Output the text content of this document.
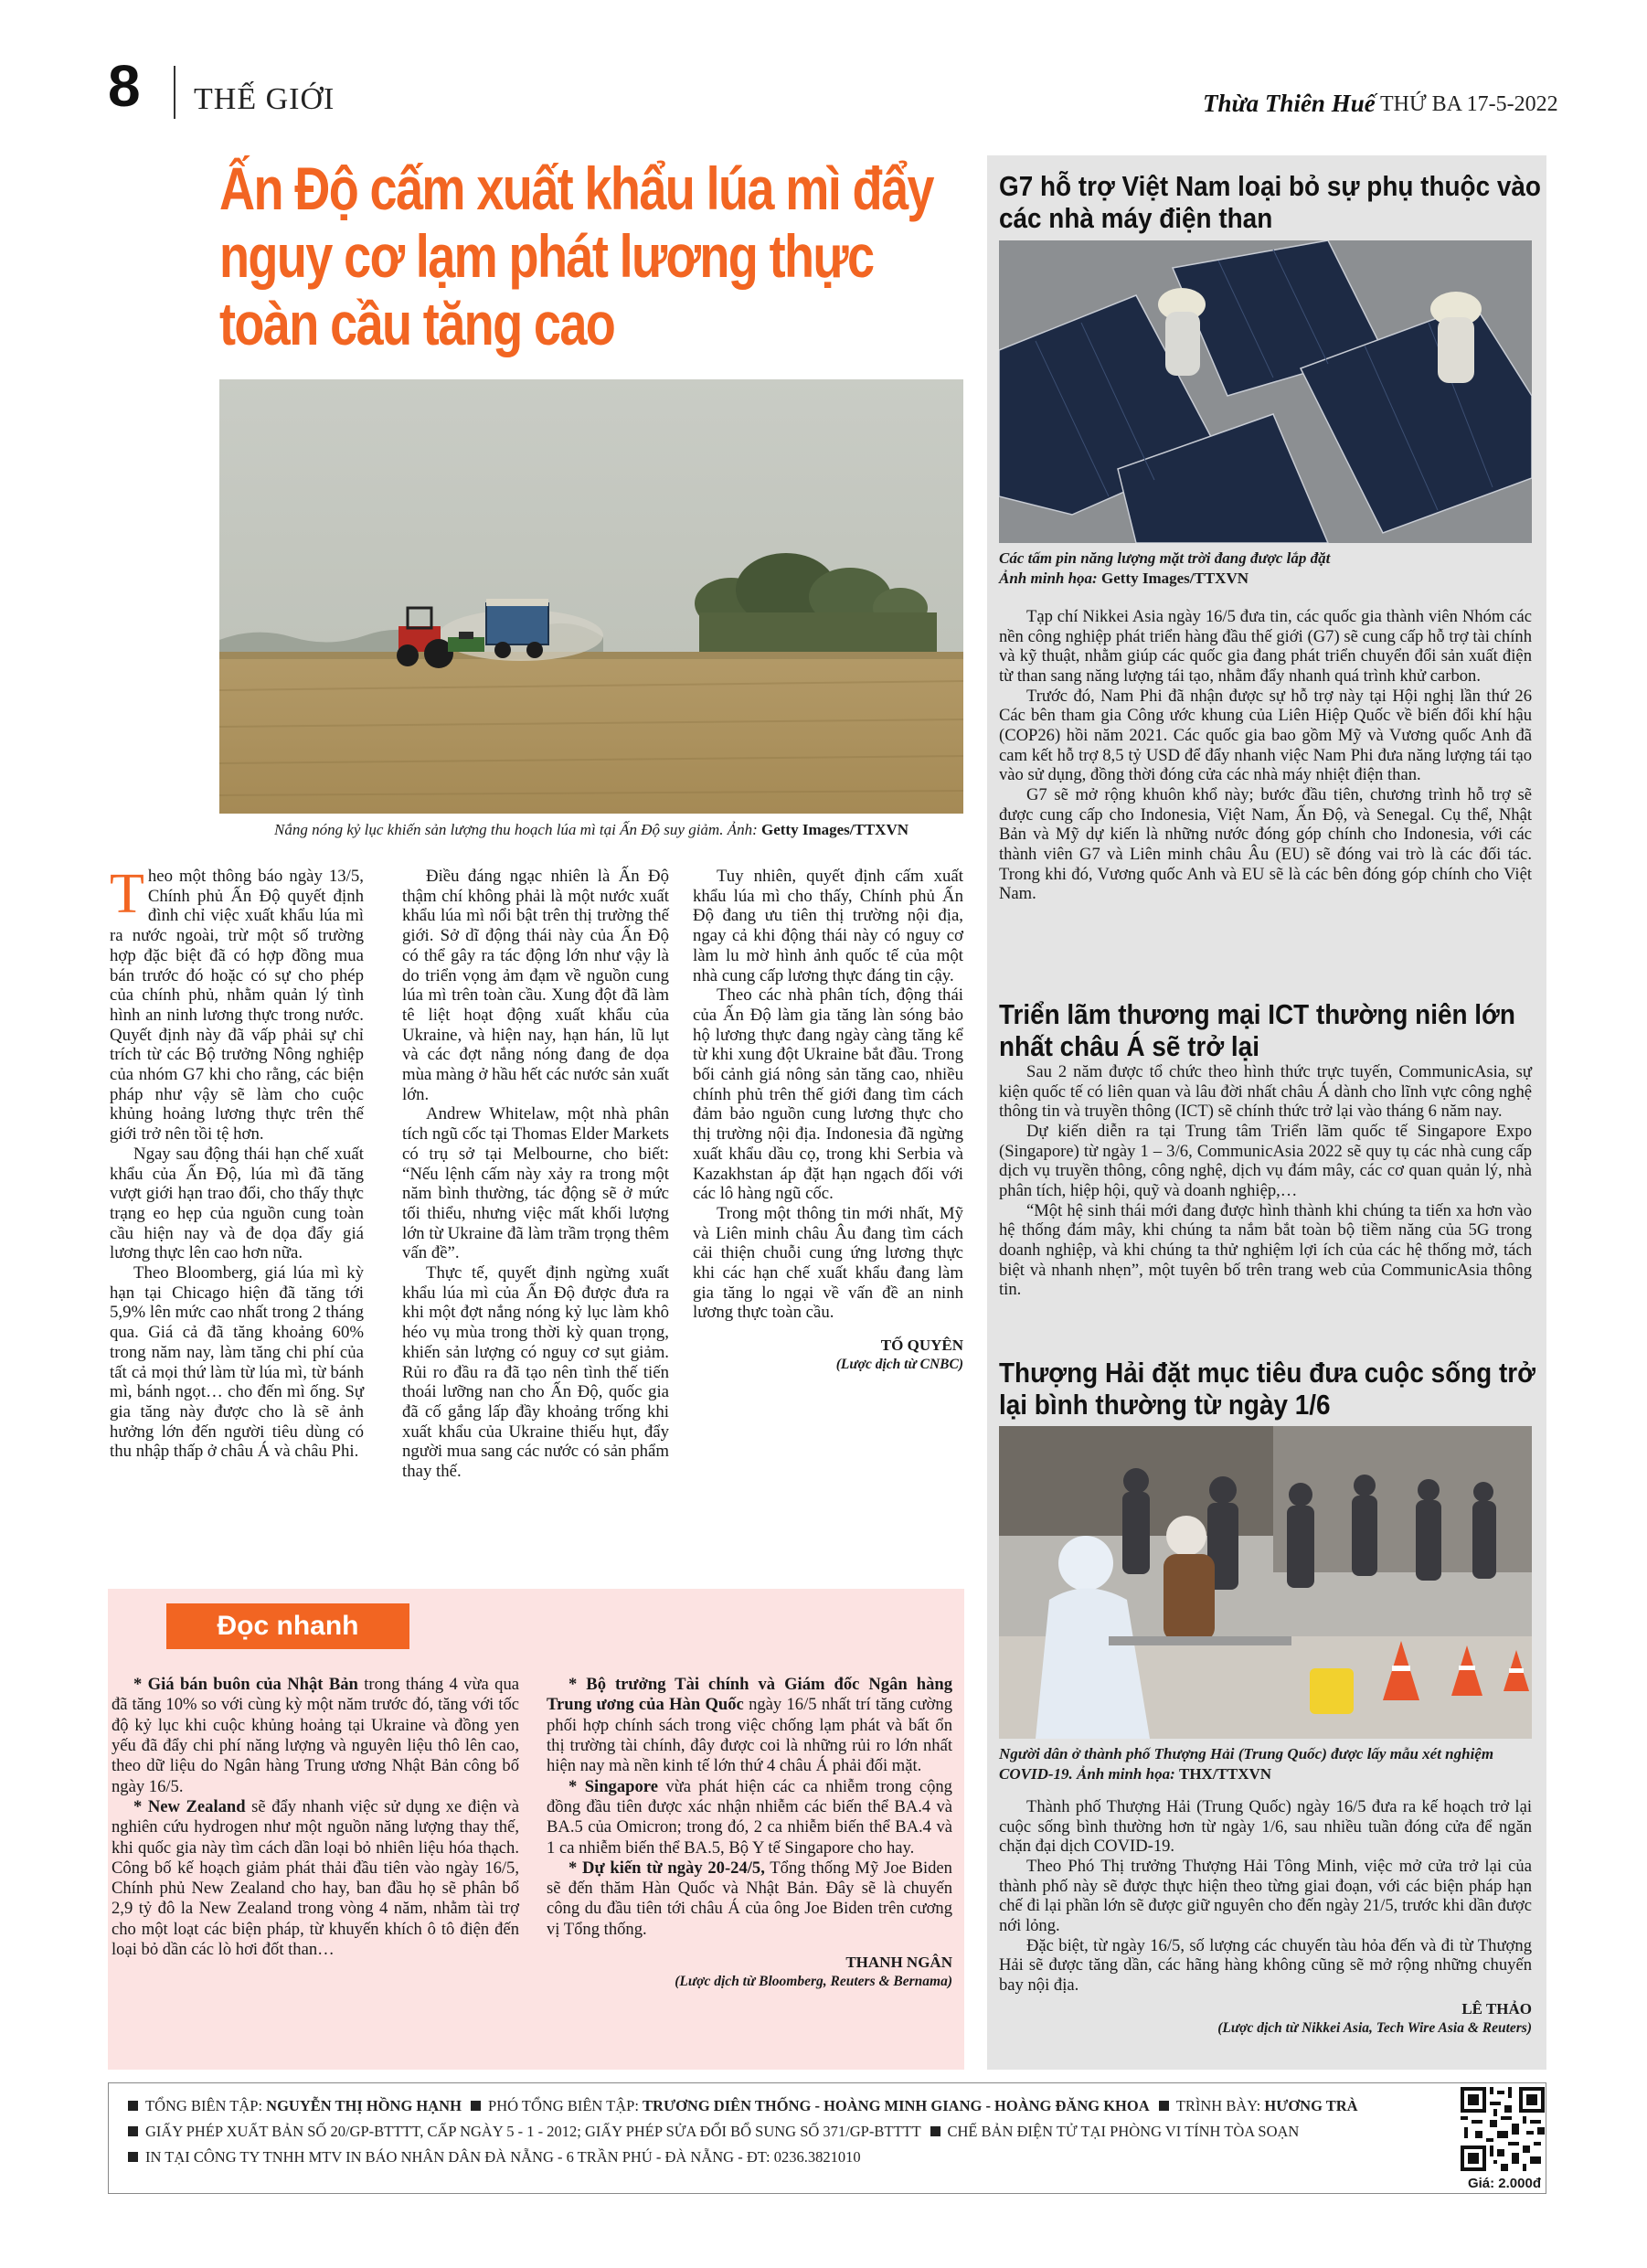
8 THẾ GIỚI	Thừa Thiên Huế THỨ BA 17-5-2022
Ấn Độ cấm xuất khẩu lúa mì đẩy nguy cơ lạm phát lương thực toàn cầu tăng cao
Nắng nóng kỷ lục khiến sản lượng thu hoạch lúa mì tại Ấn Độ suy giảm. Ảnh: Getty Images/TTXVN

Theo một thông báo ngày 13/5, Chính phủ Ấn Độ quyết định đình chỉ việc xuất khẩu lúa mì ra nước ngoài, trừ một số trường hợp đặc biệt đã có hợp đồng mua bán trước đó hoặc có sự cho phép của chính phủ, nhằm quản lý tình hình an ninh lương thực trong nước. Quyết định này đã vấp phải sự chỉ trích từ các Bộ trưởng Nông nghiệp của nhóm G7 khi cho rằng, các biện pháp như vậy sẽ làm cho cuộc khủng hoảng lương thực trên thế giới trở nên tồi tệ hơn.

Ngay sau động thái hạn chế xuất khẩu của Ấn Độ, lúa mì đã tăng vượt giới hạn trao đổi, cho thấy thực trạng eo hẹp của nguồn cung toàn cầu hiện nay và đe dọa đẩy giá lương thực lên cao hơn nữa.

Theo Bloomberg, giá lúa mì kỳ hạn tại Chicago hiện đã tăng tới 5,9% lên mức cao nhất trong 2 tháng qua. Giá cả đã tăng khoảng 60% trong năm nay, làm tăng chi phí của tất cả mọi thứ làm từ lúa mì, từ bánh mì, bánh ngọt… cho đến mì ống. Sự gia tăng này được cho là sẽ ảnh hưởng lớn đến người tiêu dùng có thu nhập thấp ở châu Á và châu Phi.

Điều đáng ngạc nhiên là Ấn Độ thậm chí không phải là một nước xuất khẩu lúa mì nổi bật trên thị trường thế giới. Sở dĩ động thái này của Ấn Độ có thể gây ra tác động lớn như vậy là do triển vọng ảm đạm về nguồn cung lúa mì trên toàn cầu. Xung đột đã làm tê liệt hoạt động xuất khẩu của Ukraine, và hiện nay, hạn hán, lũ lụt và các đợt nắng nóng đang đe dọa mùa màng ở hầu hết các nước sản xuất lớn.

Andrew Whitelaw, một nhà phân tích ngũ cốc tại Thomas Elder Markets có trụ sở tại Melbourne, cho biết: “Nếu lệnh cấm này xảy ra trong một năm bình thường, tác động sẽ ở mức tối thiểu, nhưng việc mất khối lượng lớn từ Ukraine đã làm trầm trọng thêm vấn đề”.

Thực tế, quyết định ngừng xuất khẩu lúa mì của Ấn Độ được đưa ra khi một đợt nắng nóng kỷ lục làm khô héo vụ mùa trong thời kỳ quan trọng, khiến sản lượng có nguy cơ sụt giảm. Rủi ro đầu ra đã tạo nên tình thế tiến thoái lưỡng nan cho Ấn Độ, quốc gia đã cố gắng lấp đầy khoảng trống khi xuất khẩu của Ukraine thiếu hụt, đẩy người mua sang các nước có sản phẩm thay thế.

Tuy nhiên, quyết định cấm xuất khẩu lúa mì cho thấy, Chính phủ Ấn Độ đang ưu tiên thị trường nội địa, ngay cả khi động thái này có nguy cơ làm lu mờ hình ảnh quốc tế của một nhà cung cấp lương thực đáng tin cậy.

Theo các nhà phân tích, động thái của Ấn Độ làm gia tăng làn sóng bảo hộ lương thực đang ngày càng tăng kể từ khi xung đột Ukraine bắt đầu. Trong bối cảnh giá nông sản tăng cao, nhiều chính phủ trên thế giới đang tìm cách đảm bảo nguồn cung lương thực cho thị trường nội địa. Indonesia đã ngừng xuất khẩu dầu cọ, trong khi Serbia và Kazakhstan áp đặt hạn ngạch đối với các lô hàng ngũ cốc.

Trong một thông tin mới nhất, Mỹ và Liên minh châu Âu đang tìm cách cải thiện chuỗi cung ứng lương thực khi các hạn chế xuất khẩu đang làm gia tăng lo ngại về vấn đề an ninh lương thực toàn cầu.

TỐ QUYÊN

(Lược dịch từ CNBC)

Đọc nhanh

* Giá bán buôn của Nhật Bản trong tháng 4 vừa qua đã tăng 10% so với cùng kỳ một năm trước đó, tăng với tốc độ kỷ lục khi cuộc khủng hoảng tại Ukraine và đồng yen yếu đã đẩy chi phí năng lượng và nguyên liệu thô lên cao, theo dữ liệu do Ngân hàng Trung ương Nhật Bản công bố ngày 16/5.

* New Zealand sẽ đẩy nhanh việc sử dụng xe điện và nghiên cứu hydrogen như một nguồn năng lượng thay thế, khi quốc gia này tìm cách dần loại bỏ nhiên liệu hóa thạch. Công bố kế hoạch giảm phát thải đầu tiên vào ngày 16/5, Chính phủ New Zealand cho hay, ban đầu họ sẽ phân bổ 2,9 tỷ đô la New Zealand trong vòng 4 năm, nhằm tài trợ cho một loạt các biện pháp, từ khuyến khích ô tô điện đến loại bỏ dần các lò hơi đốt than…

* Bộ trưởng Tài chính và Giám đốc Ngân hàng Trung ương của Hàn Quốc ngày 16/5 nhất trí tăng cường phối hợp chính sách trong việc chống lạm phát và bất ổn thị trường tài chính, đây được coi là những rủi ro lớn nhất hiện nay mà nền kinh tế lớn thứ 4 châu Á phải đối mặt.

* Singapore vừa phát hiện các ca nhiễm trong cộng đồng đầu tiên được xác nhận nhiễm các biến thể BA.4 và BA.5 của Omicron; trong đó, 2 ca nhiễm biến thể BA.4 và 1 ca nhiễm biến thể BA.5, Bộ Y tế Singapore cho hay.

* Dự kiến từ ngày 20-24/5, Tổng thống Mỹ Joe Biden sẽ đến thăm Hàn Quốc và Nhật Bản. Đây sẽ là chuyến công du đầu tiên tới châu Á của ông Joe Biden trên cương vị Tổng thống.

THANH NGÂN

(Lược dịch từ Bloomberg, Reuters & Bernama)

G7 hỗ trợ Việt Nam loại bỏ sự phụ thuộc vào các nhà máy điện than
Các tấm pin năng lượng mặt trời đang được lắp đặt
Ảnh minh họa: Getty Images/TTXVN

Tạp chí Nikkei Asia ngày 16/5 đưa tin, các quốc gia thành viên Nhóm các nền công nghiệp phát triển hàng đầu thế giới (G7) sẽ cung cấp hỗ trợ tài chính và kỹ thuật, nhằm giúp các quốc gia đang phát triển chuyển đổi sản xuất điện từ than sang năng lượng tái tạo, nhằm đẩy nhanh quá trình khử carbon.

Trước đó, Nam Phi đã nhận được sự hỗ trợ này tại Hội nghị lần thứ 26 Các bên tham gia Công ước khung của Liên Hiệp Quốc về biến đổi khí hậu (COP26) hồi năm 2021. Các quốc gia bao gồm Mỹ và Vương quốc Anh đã cam kết hỗ trợ 8,5 tỷ USD để đẩy nhanh việc Nam Phi đưa năng lượng tái tạo vào sử dụng, đồng thời đóng cửa các nhà máy nhiệt điện than.

G7 sẽ mở rộng khuôn khổ này; bước đầu tiên, chương trình hỗ trợ sẽ được cung cấp cho Indonesia, Việt Nam, Ấn Độ, và Senegal. Cụ thể, Nhật Bản và Mỹ dự kiến là những nước đóng góp chính cho Indonesia, với các thành viên G7 và Liên minh châu Âu (EU) sẽ đóng vai trò là các đối tác. Trong khi đó, Vương quốc Anh và EU sẽ là các bên đóng góp chính cho Việt Nam.

Triển lãm thương mại ICT thường niên lớn nhất châu Á sẽ trở lại

Sau 2 năm được tổ chức theo hình thức trực tuyến, CommunicAsia, sự kiện quốc tế có liên quan và lâu đời nhất châu Á dành cho lĩnh vực công nghệ thông tin và truyền thông (ICT) sẽ chính thức trở lại vào tháng 6 năm nay.

Dự kiến diễn ra tại Trung tâm Triển lãm quốc tế Singapore Expo (Singapore) từ ngày 1 – 3/6, CommunicAsia 2022 sẽ quy tụ các nhà cung cấp dịch vụ truyền thông, công nghệ, dịch vụ đám mây, các cơ quan quản lý, nhà phân tích, hiệp hội, quỹ và doanh nghiệp,…

“Một hệ sinh thái mới đang được hình thành khi chúng ta tiến xa hơn vào hệ thống đám mây, khi chúng ta nắm bắt toàn bộ tiềm năng của 5G trong doanh nghiệp, và khi chúng ta thử nghiệm lợi ích của các hệ thống mở, tách biệt và nhanh nhẹn”, một tuyên bố trên trang web của CommunicAsia thông tin.

Thượng Hải đặt mục tiêu đưa cuộc sống trở lại bình thường từ ngày 1/6
Người dân ở thành phố Thượng Hải (Trung Quốc) được lấy mẫu xét nghiệm COVID-19. Ảnh minh họa: THX/TTXVN

Thành phố Thượng Hải (Trung Quốc) ngày 16/5 đưa ra kế hoạch trở lại cuộc sống bình thường hơn từ ngày 1/6, sau nhiều tuần đóng cửa để ngăn chặn đại dịch COVID-19.

Theo Phó Thị trưởng Thượng Hải Tông Minh, việc mở cửa trở lại của thành phố này sẽ được thực hiện theo từng giai đoạn, với các biện pháp hạn chế đi lại phần lớn sẽ được giữ nguyên cho đến ngày 21/5, trước khi dần được nới lỏng.

Đặc biệt, từ ngày 16/5, số lượng các chuyến tàu hỏa đến và đi từ Thượng Hải sẽ được tăng dần, các hãng hàng không cũng sẽ mở rộng những chuyến bay nội địa.

LÊ THẢO

(Lược dịch từ Nikkei Asia, Tech Wire Asia & Reuters)

TỔNG BIÊN TẬP: NGUYỄN THỊ HỒNG HẠNH PHÓ TỔNG BIÊN TẬP: TRƯƠNG DIÊN THỐNG - HOÀNG MINH GIANG - HOÀNG ĐĂNG KHOA TRÌNH BÀY: HƯƠNG TRÀ
GIẤY PHÉP XUẤT BẢN SỐ 20/GP-BTTTT, CẤP NGÀY 5 - 1 - 2012; GIẤY PHÉP SỬA ĐỔI BỔ SUNG SỐ 371/GP-BTTTT CHẾ BẢN ĐIỆN TỬ TẠI PHÒNG VI TÍNH TÒA SOẠN
IN TẠI CÔNG TY TNHH MTV IN BÁO NHÂN DÂN ĐÀ NẴNG - 6 TRẦN PHÚ - ĐÀ NẴNG - ĐT: 0236.3821010
Giá: 2.000đ
